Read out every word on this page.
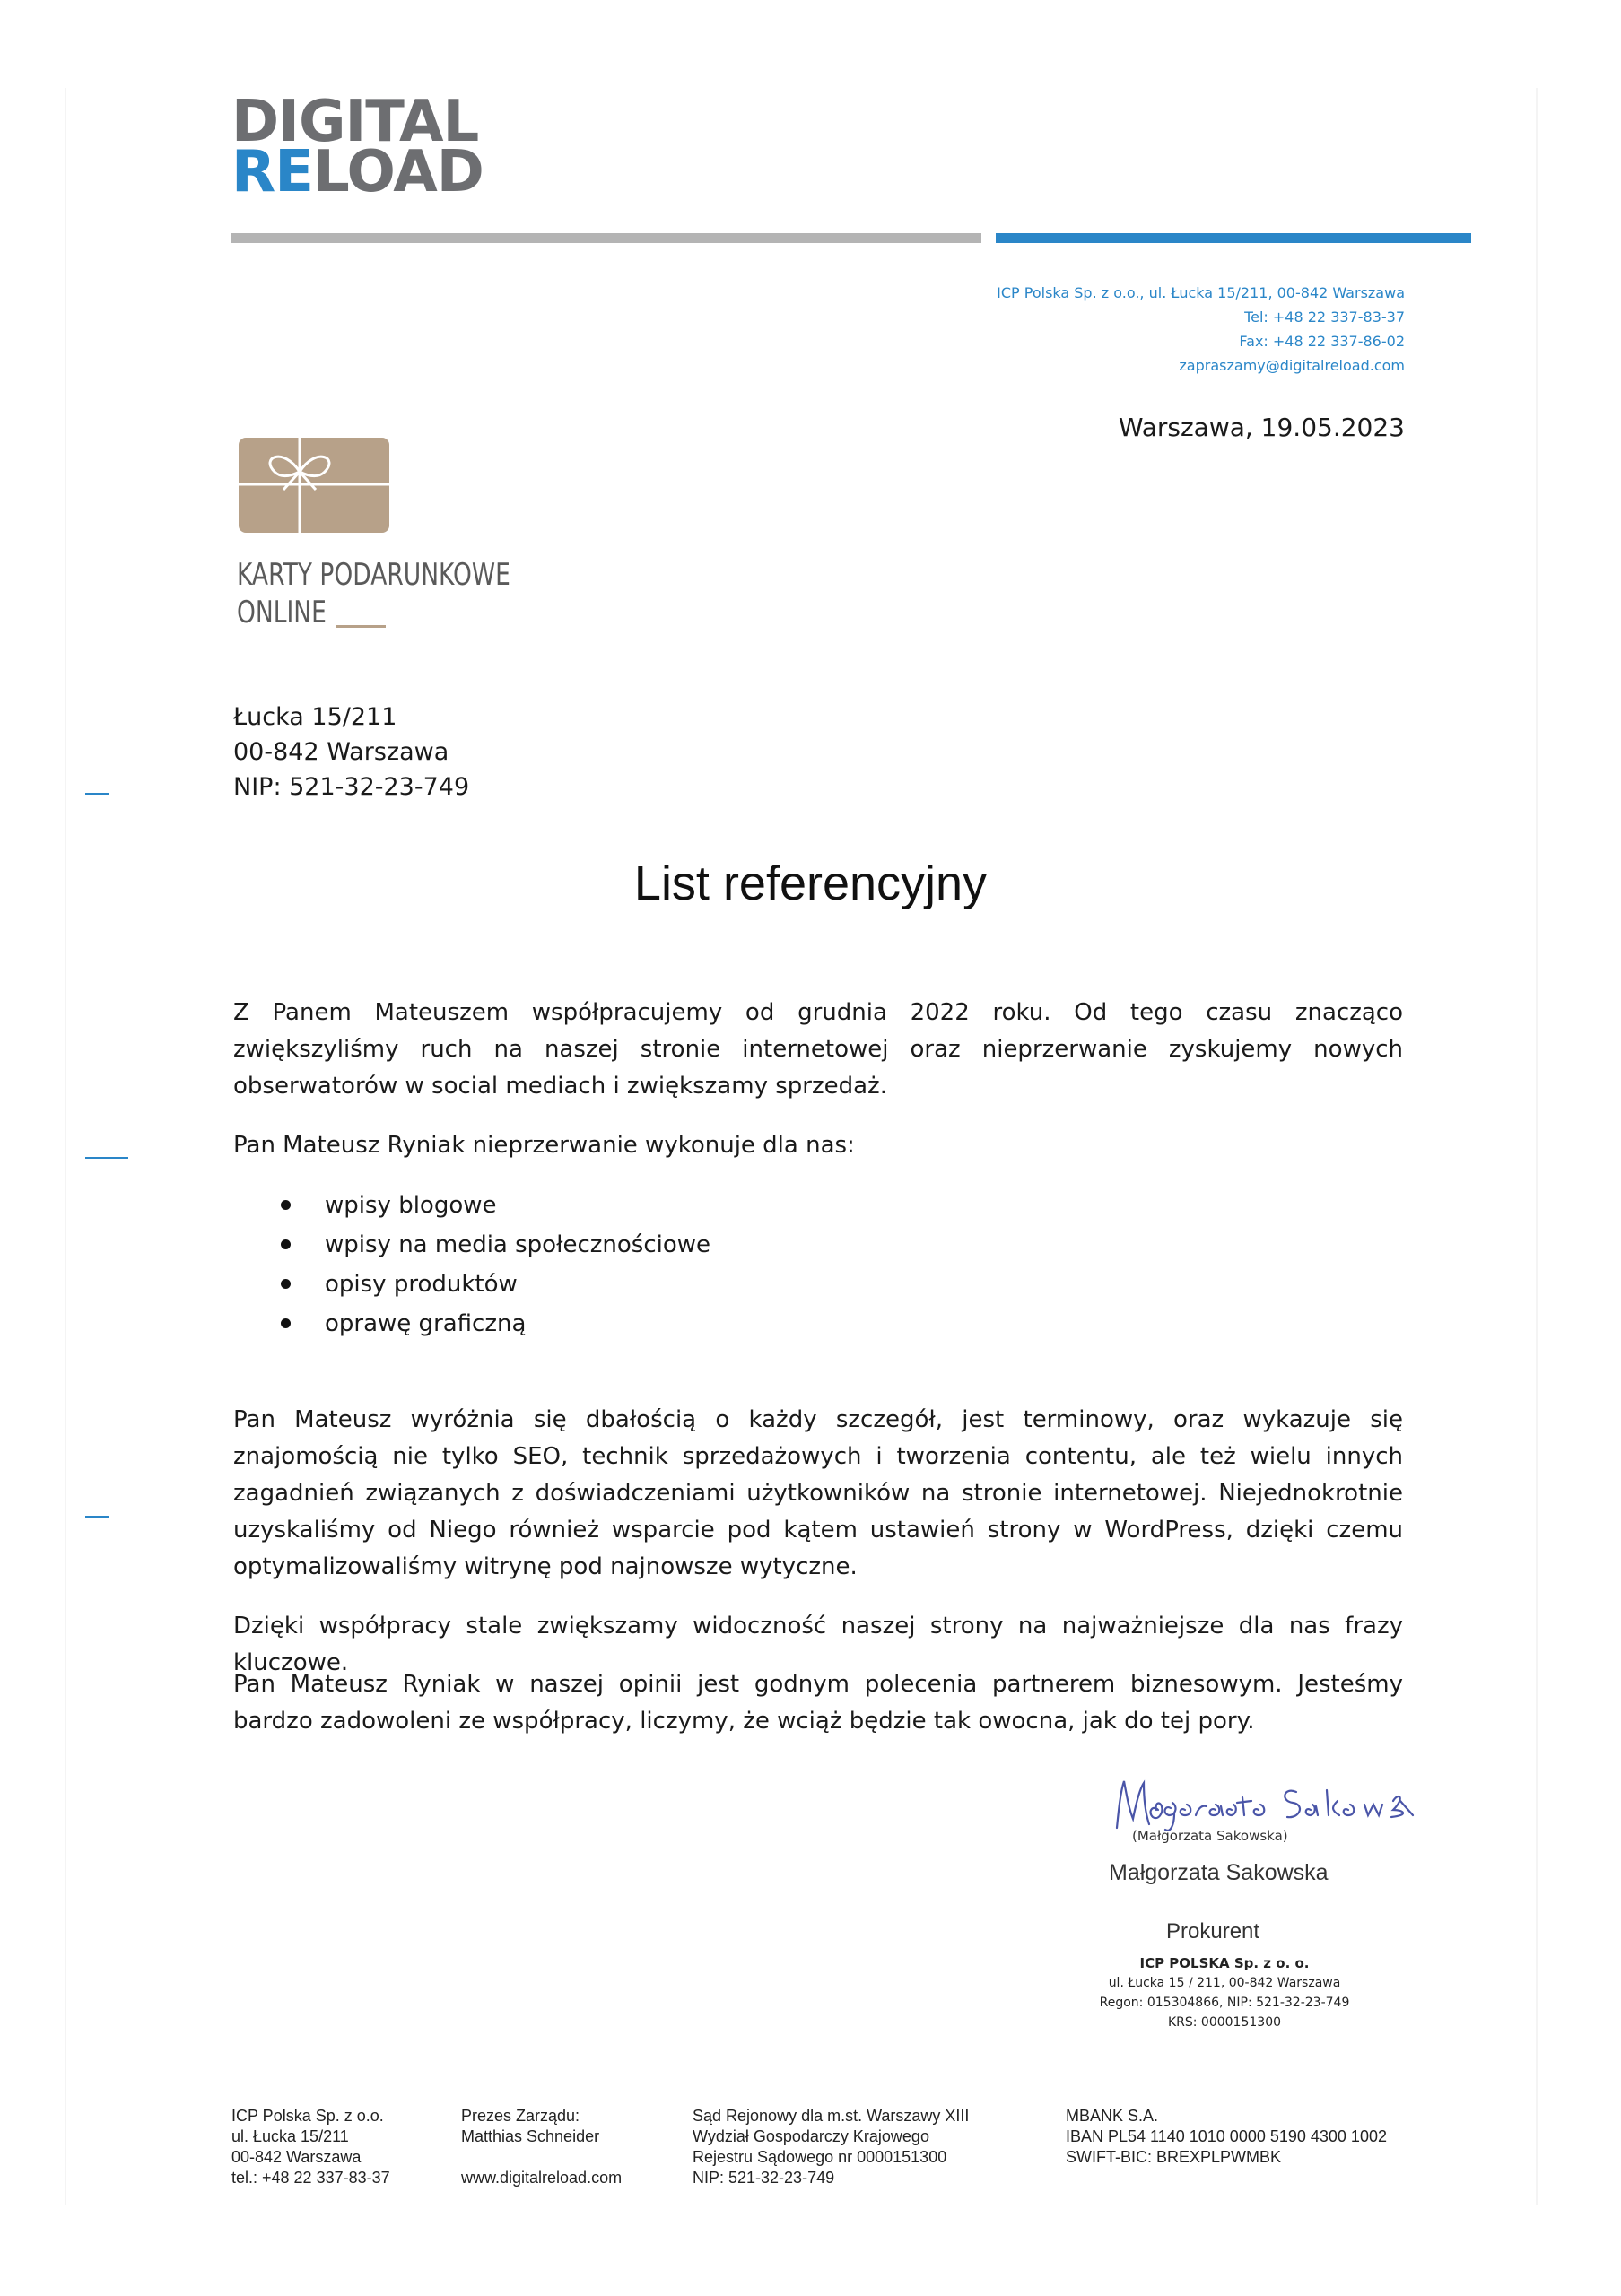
DIGITAL
RELOAD
ICP Polska Sp. z o.o., ul. Łucka 15/211, 00-842 Warszawa
Tel: +48 22 337-83-37
Fax: +48 22 337-86-02
zapraszamy@digitalreload.com
Warszawa, 19.05.2023
KARTY PODARUNKOWE
ONLINE
Łucka 15/211
00-842 Warszawa
NIP: 521-32-23-749
List referencyjny

Z Panem Mateuszem współpracujemy od grudnia 2022 roku. Od tego czasu znacząco zwiększyliśmy ruch na naszej stronie internetowej oraz nieprzerwanie zyskujemy nowych obserwatorów w social mediach i zwiększamy sprzedaż.

Pan Mateusz Ryniak nieprzerwanie wykonuje dla nas:

wpisy blogowe
wpisy na media społecznościowe
opisy produktów
oprawę graficzną

Pan Mateusz wyróżnia się dbałością o każdy szczegół, jest terminowy, oraz wykazuje się znajomością nie tylko SEO, technik sprzedażowych i tworzenia contentu, ale też wielu innych zagadnień związanych z doświadczeniami użytkowników na stronie internetowej. Niejednokrotnie uzyskaliśmy od Niego również wsparcie pod kątem ustawień strony w WordPress, dzięki czemu optymalizowaliśmy witrynę pod najnowsze wytyczne.

Dzięki współpracy stale zwiększamy widoczność naszej strony na najważniejsze dla nas frazy kluczowe.

Pan Mateusz Ryniak w naszej opinii jest godnym polecenia partnerem biznesowym. Jesteśmy bardzo zadowoleni ze współpracy, liczymy, że wciąż będzie tak owocna, jak do tej pory.

(Małgorzata Sakowska)
Małgorzata Sakowska
Prokurent
ICP POLSKA Sp. z o. o.
ul. Łucka 15 / 211, 00-842 Warszawa
Regon: 015304866, NIP: 521-32-23-749
KRS: 0000151300
ICP Polska Sp. z o.o.
ul. Łucka 15/211
00-842 Warszawa
tel.: +48 22 337-83-37
Prezes Zarządu:
Matthias Schneider
www.digitalreload.com
Sąd Rejonowy dla m.st. Warszawy XIII
Wydział Gospodarczy Krajowego
Rejestru Sądowego nr 0000151300
NIP: 521-32-23-749
MBANK S.A.
IBAN PL54 1140 1010 0000 5190 4300 1002
SWIFT-BIC: BREXPLPWMBK
